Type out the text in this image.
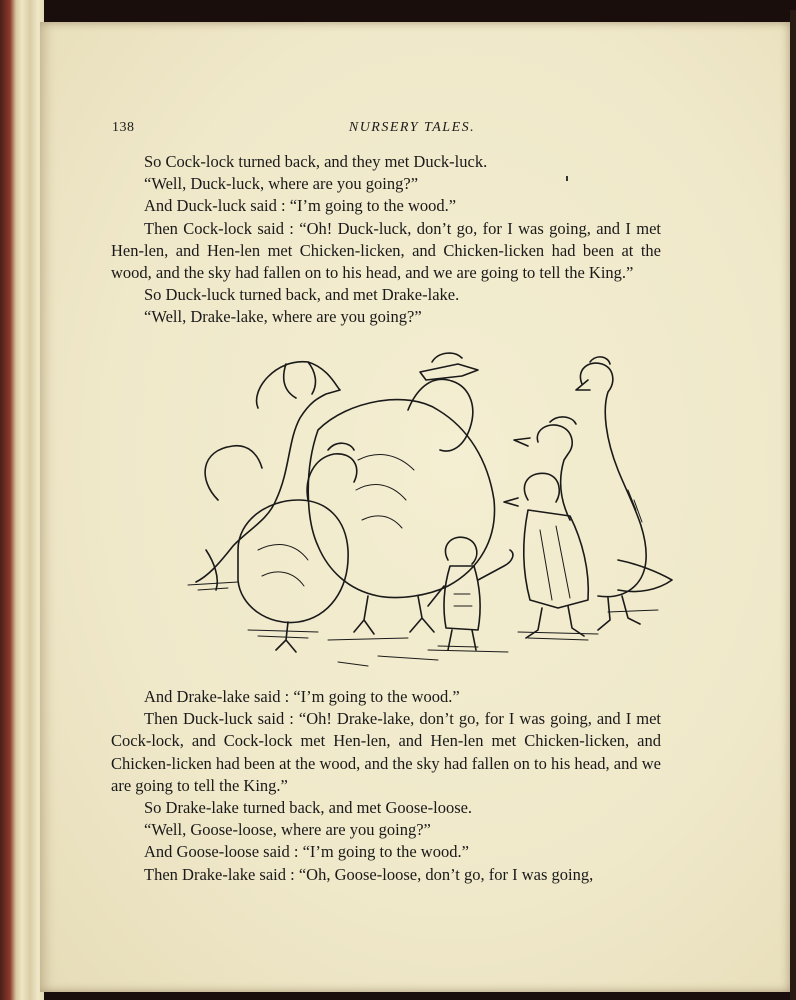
138	NURSERY TALES.

So Cock-lock turned back, and they met Duck-luck.

“Well, Duck-luck, where are you going?”

And Duck-luck said : “I’m going to the wood.”

Then Cock-lock said : “Oh! Duck-luck, don’t go, for I was going, and I met Hen-len, and Hen-len met Chicken-licken, and Chicken-licken had been at the wood, and the sky had fallen on to his head, and we are going to tell the King.”

So Duck-luck turned back, and met Drake-lake.

“Well, Drake-lake, where are you going?”

And Drake-lake said : “I’m going to the wood.”

Then Duck-luck said : “Oh! Drake-lake, don’t go, for I was going, and I met Cock-lock, and Cock-lock met Hen-len, and Hen-len met Chicken-licken, and Chicken-licken had been at the wood, and the sky had fallen on to his head, and we are going to tell the King.”

So Drake-lake turned back, and met Goose-loose.

“Well, Goose-loose, where are you going?”

And Goose-loose said : “I’m going to the wood.”

Then Drake-lake said : “Oh, Goose-loose, don’t go, for I was going,
